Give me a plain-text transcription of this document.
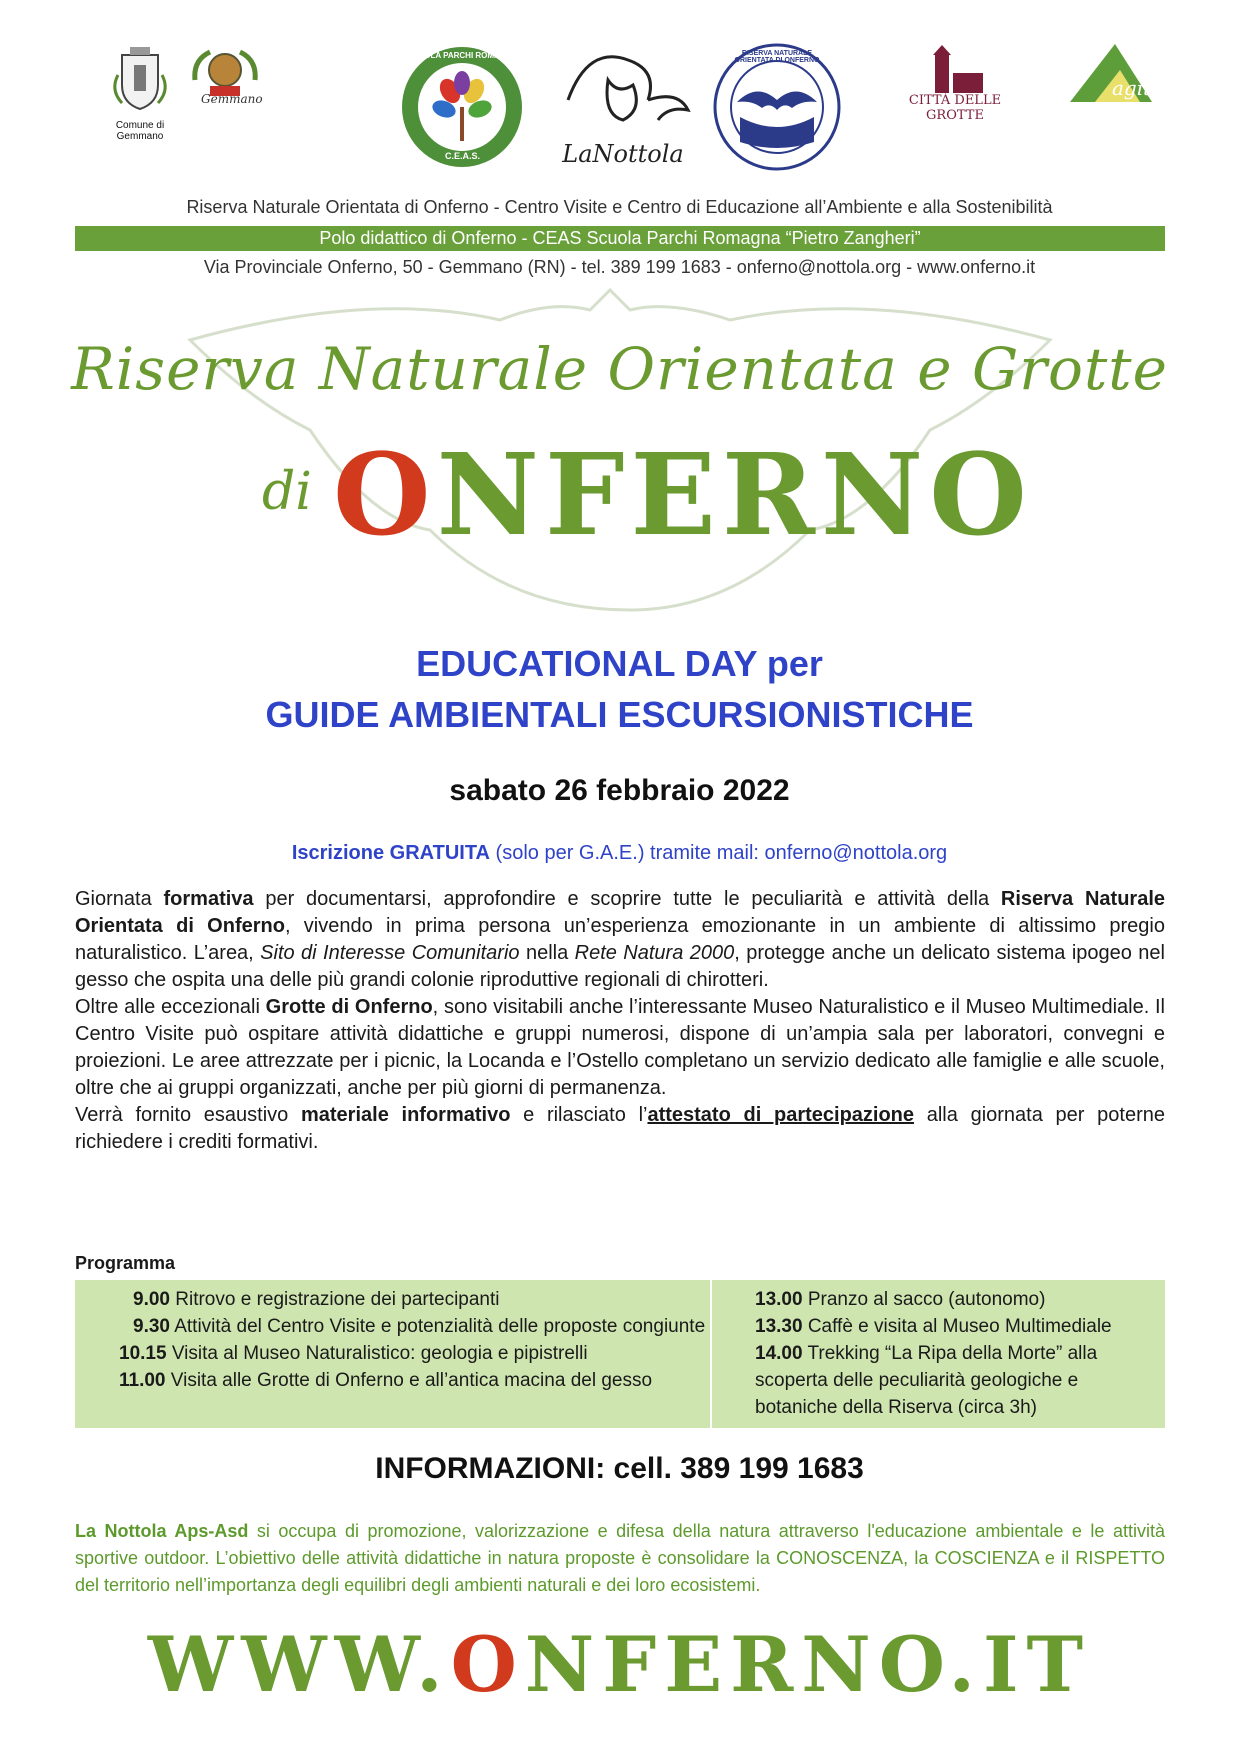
Comune di Gemmano
Gemmano
SCUOLA PARCHI ROMAGNA
C.E.A.S.	LaNottola
RISERVA NATURALE ORIENTATA DI ONFERNO
CITTÀ DELLE GROTTE
agit
Riserva Naturale Orientata di Onferno - Centro Visite e Centro di Educazione all’Ambiente e alla Sostenibilità
Polo didattico di Onferno - CEAS Scuola Parchi Romagna “Pietro Zangheri”
Via Provinciale Onferno, 50 - Gemmano (RN) - tel. 389 199 1683 - onferno@nottola.org - www.onferno.it
Riserva Naturale Orientata e Grotte
di ONFERNO
EDUCATIONAL DAY per
GUIDE AMBIENTALI ESCURSIONISTICHE
sabato 26 febbraio 2022
Iscrizione GRATUITA (solo per G.A.E.) tramite mail: onferno@nottola.org

Giornata formativa per documentarsi, approfondire e scoprire tutte le peculiarità e attività della Riserva Naturale Orientata di Onferno, vivendo in prima persona un’esperienza emozionante in un ambiente di altissimo pregio naturalistico. L’area, Sito di Interesse Comunitario nella Rete Natura 2000, protegge anche un delicato sistema ipogeo nel gesso che ospita una delle più grandi colonie riproduttive regionali di chirotteri.

Oltre alle eccezionali Grotte di Onferno, sono visitabili anche l’interessante Museo Naturalistico e il Museo Multimediale. Il Centro Visite può ospitare attività didattiche e gruppi numerosi, dispone di un’ampia sala per laboratori, convegni e proiezioni. Le aree attrezzate per i picnic, la Locanda e l’Ostello completano un servizio dedicato alle famiglie e alle scuole, oltre che ai gruppi organizzati, anche per più giorni di permanenza.

Verrà fornito esaustivo materiale informativo e rilasciato l’attestato di partecipazione alla giornata per poterne richiedere i crediti formativi.

Programma
9.00 Ritrovo e registrazione dei partecipanti
9.30 Attività del Centro Visite e potenzialità delle proposte congiunte
10.15 Visita al Museo Naturalistico: geologia e pipistrelli
11.00 Visita alle Grotte di Onferno e all’antica macina del gesso
13.00 Pranzo al sacco (autonomo)
13.30 Caffè e visita al Museo Multimediale
14.00 Trekking “La Ripa della Morte” alla scoperta delle peculiarità geologiche e botaniche della Riserva (circa 3h)
INFORMAZIONI: cell. 389 199 1683
La Nottola Aps-Asd si occupa di promozione, valorizzazione e difesa della natura attraverso l'educazione ambientale e le attività sportive outdoor. L’obiettivo delle attività didattiche in natura proposte è consolidare la CONOSCENZA, la COSCIENZA e il RISPETTO del territorio nell’importanza degli equilibri degli ambienti naturali e dei loro ecosistemi.
WWW.ONFERNO.IT
